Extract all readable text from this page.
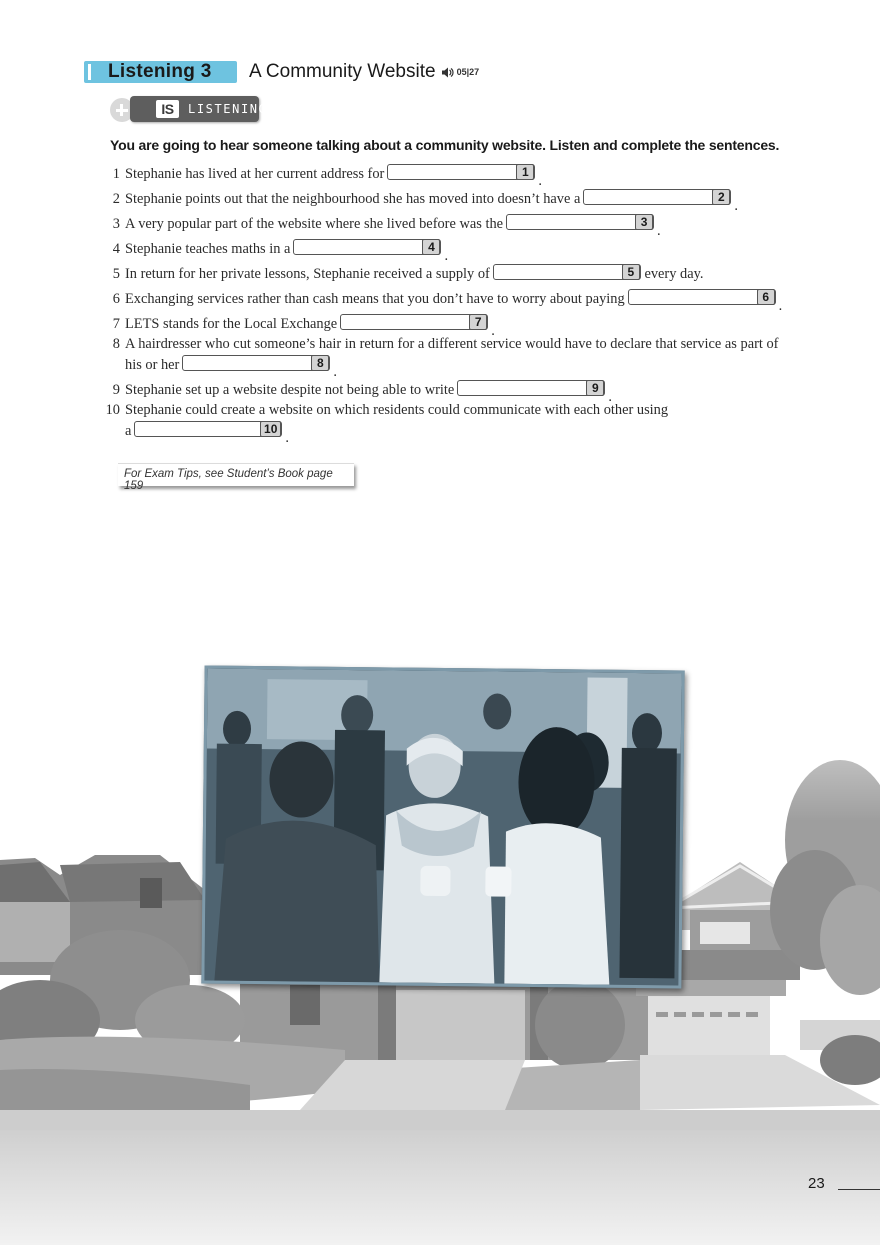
Listening 3 A Community Website 05|27
IS	LISTENING
You are going to hear someone talking about a community website. Listen and complete the sentences.
1 Stephanie has lived at her current address for	1
.
2 Stephanie points out that the neighbourhood she has moved into doesn’t have a	2
.
3 A very popular part of the website where she lived before was the	3
.
4 Stephanie teaches maths in a	4
.
5 In return for her private lessons, Stephanie received a supply of	5 every day.
6 Exchanging services rather than cash means that you don’t have to worry about paying	6
.
7 LETS stands for the Local Exchange	7
.
8 A hairdresser who cut someone’s hair in return for a different service would have to declare that service as part of
his or her	8
.
9 Stephanie set up a website despite not being able to write	9
.
10 Stephanie could create a website on which residents could communicate with each other using
a	10
.
For Exam Tips, see Student’s Book page 159
23
